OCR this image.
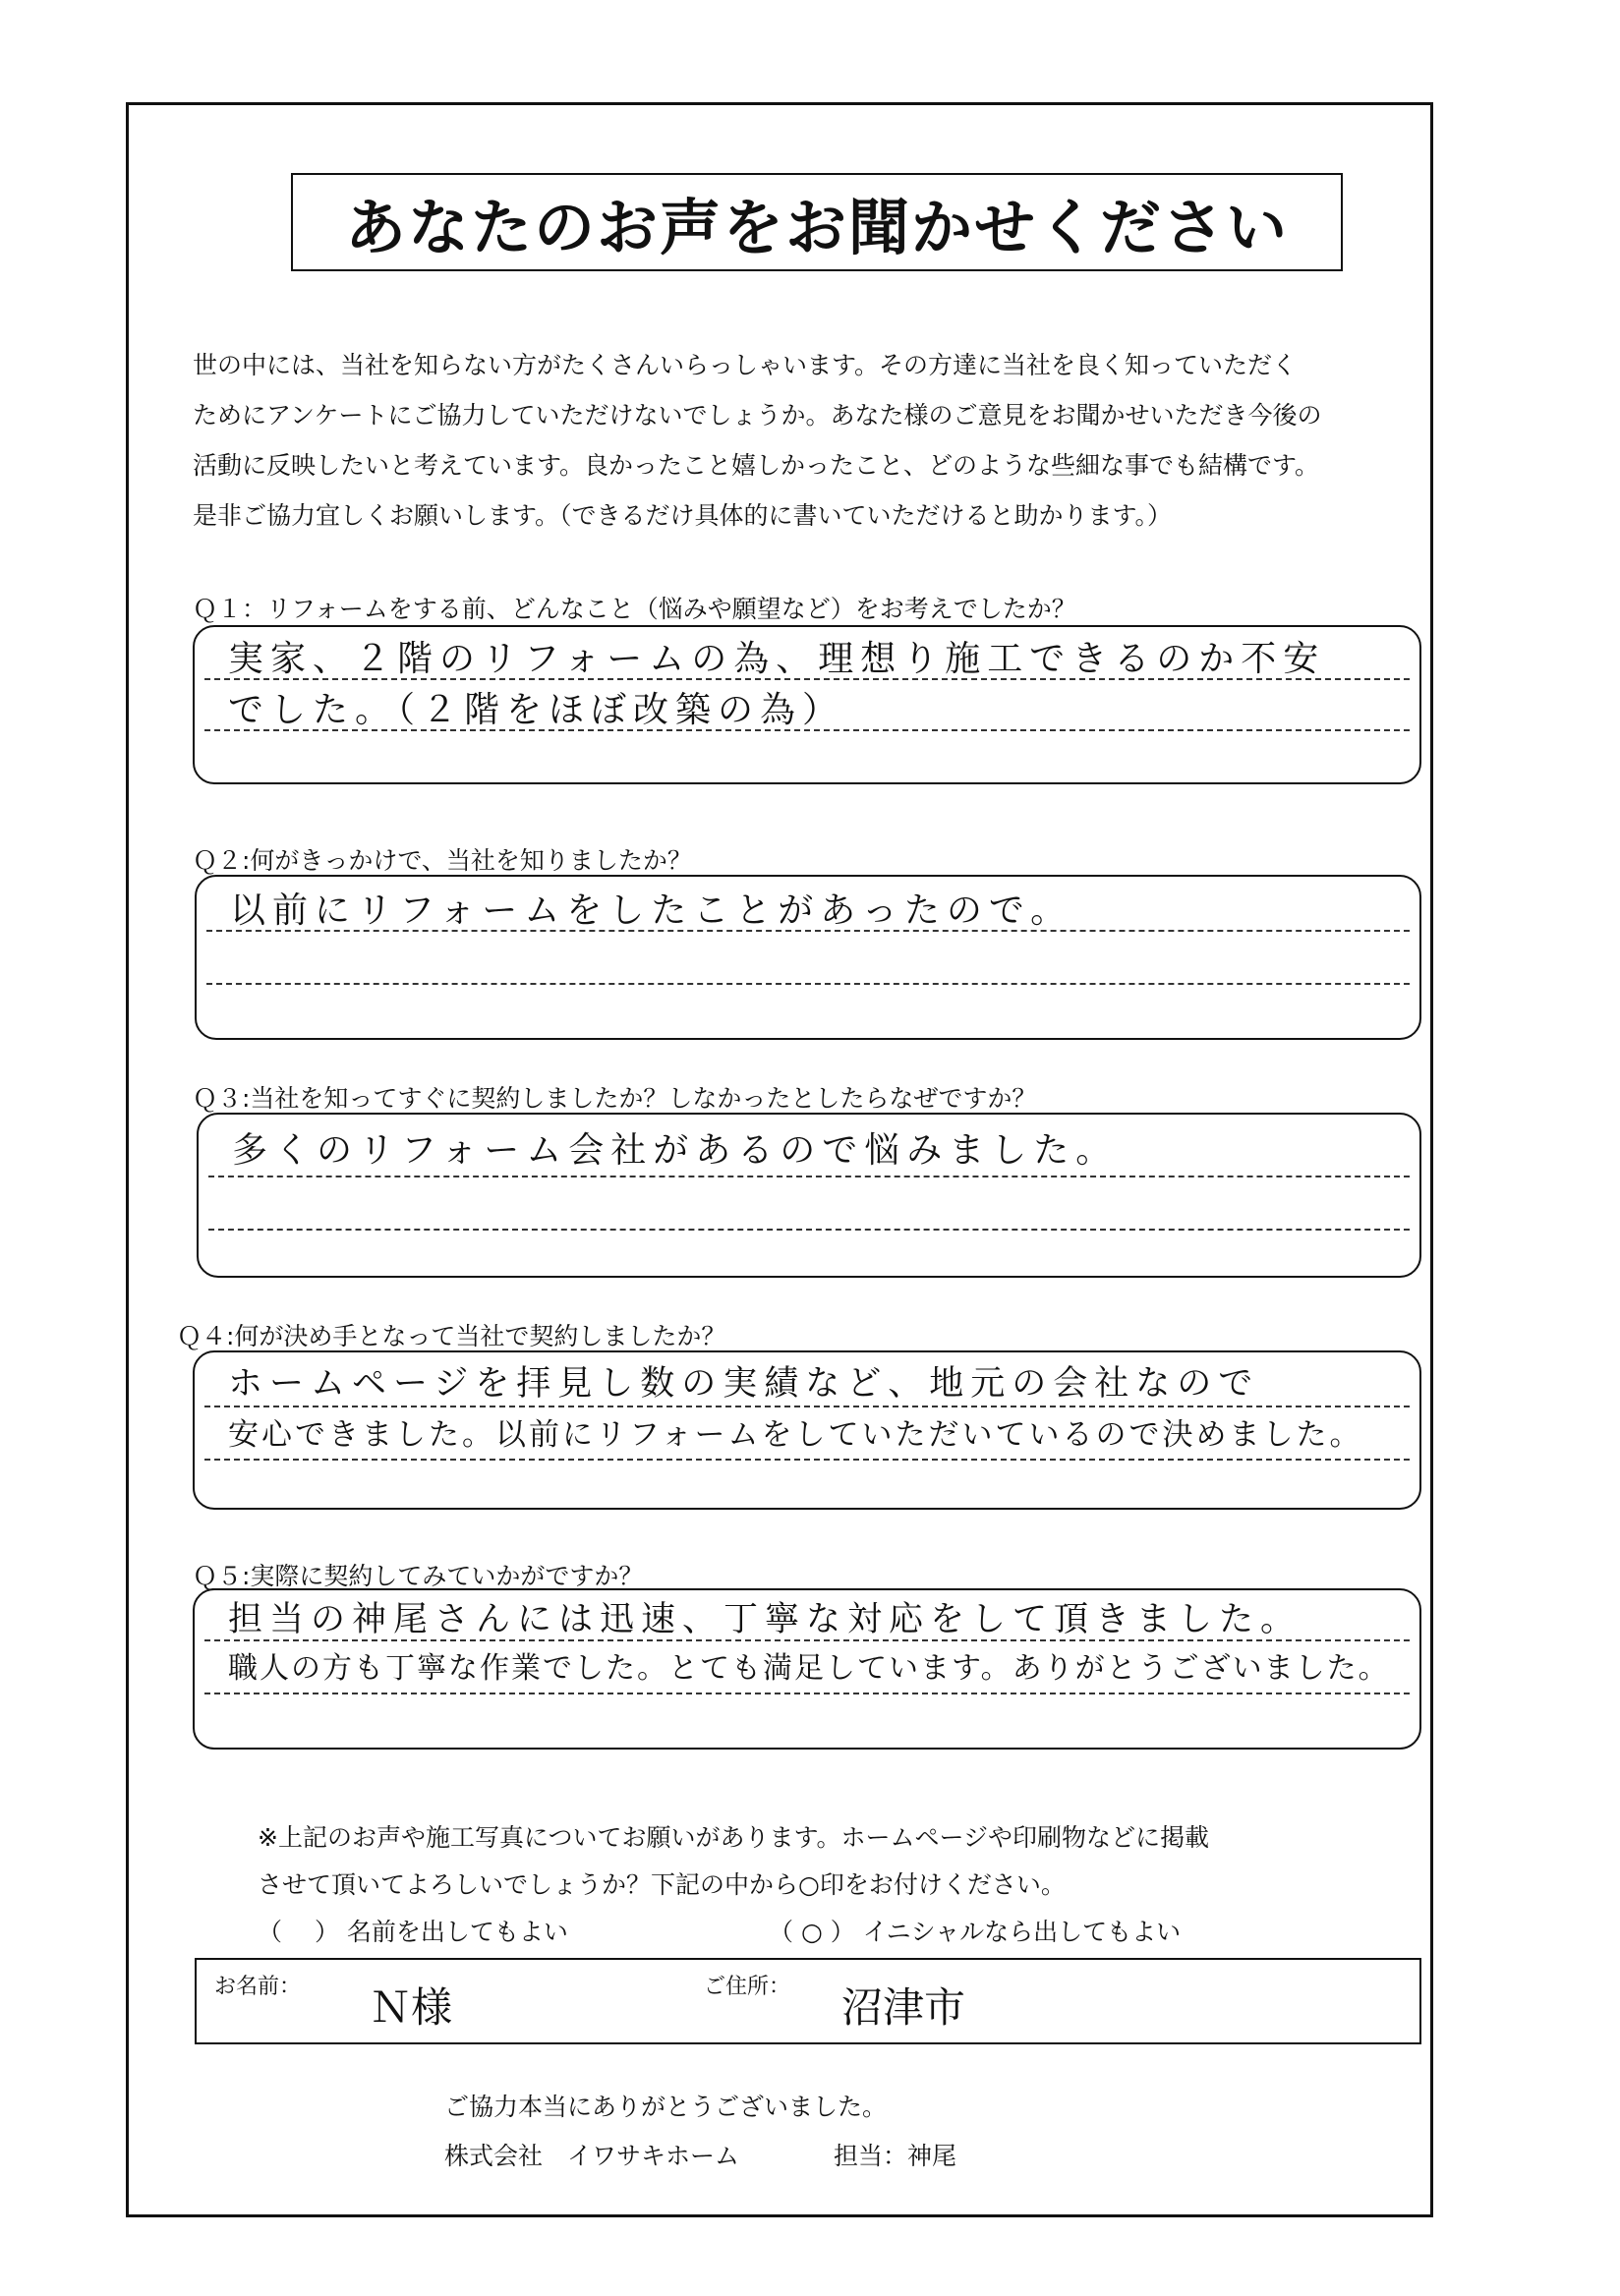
あなたのお声をお聞かせください
世の中には、当社を知らない方がたくさんいらっしゃいます。その方達に当社を良く知っていただく
ためにアンケートにご協力していただけないでしょうか。あなた様のご意見をお聞かせいただき今後の
活動に反映したいと考えています。良かったこと嬉しかったこと、どのような些細な事でも結構です。
是非ご協力宜しくお願いします。（できるだけ具体的に書いていただけると助かります。）
Ｑ１：リフォームをする前、どんなこと（悩みや願望など）をお考えでしたか？
実家、２階のリフォームの為、理想り施工できるのか不安
でした。（２階をほぼ改築の為）
Ｑ２:何がきっかけで、当社を知りましたか？
以前にリフォームをしたことがあったので。
Ｑ３:当社を知ってすぐに契約しましたか？しなかったとしたらなぜですか？
多くのリフォーム会社があるので悩みました。
Ｑ４:何が決め手となって当社で契約しましたか？
ホームページを拝見し数の実績など、地元の会社なので
安心できました。以前にリフォームをしていただいているので決めました。
Ｑ５:実際に契約してみていかがですか？
担当の神尾さんには迅速、丁寧な対応をして頂きました。
職人の方も丁寧な作業でした。とても満足しています。ありがとうございました。
※上記のお声や施工写真についてお願いがあります。ホームページや印刷物などに掲載
させて頂いてよろしいでしょうか？下記の中から○印をお付けください。
（　 ） 名前を出してもよい	（ ○ ） イニシャルなら出してもよい
お名前： Ｎ様	ご住所： 沼津市
ご協力本当にありがとうございました。
株式会社　イワサキホーム	担当：神尾
